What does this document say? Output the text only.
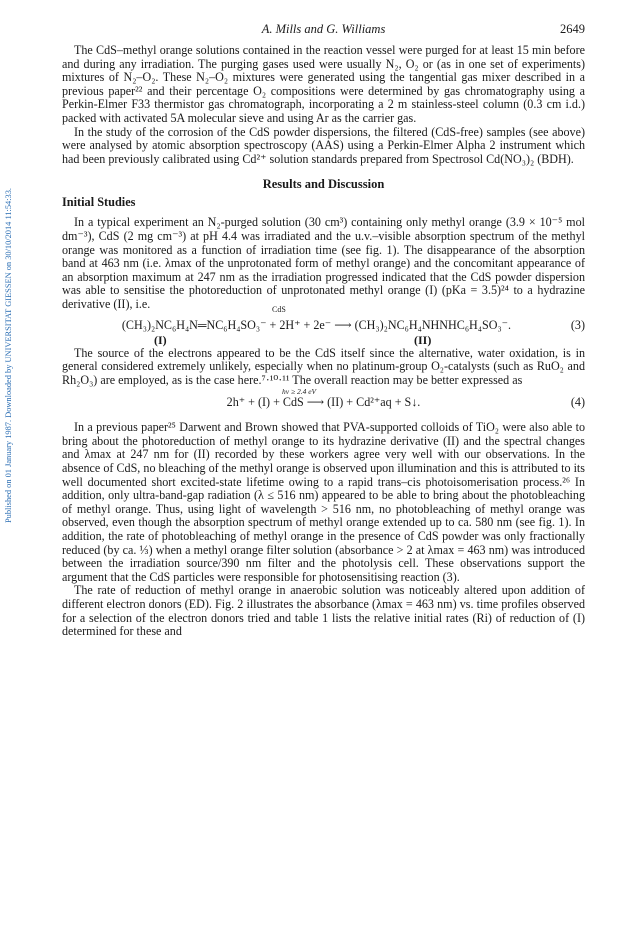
Published on 01 January 1987. Downloaded by UNIVERSITAT GIESSEN on 30/10/2014 11:54:33.
A. Mills and G. Williams	2649

The CdS–methyl orange solutions contained in the reaction vessel were purged for at least 15 min before and during any irradiation. The purging gases used were usually N₂, O₂ or (as in one set of experiments) mixtures of N₂–O₂. These N₂–O₂ mixtures were generated using the tangential gas mixer described in a previous paper²² and their percentage O₂ compositions were determined by gas chromatography using a Perkin-Elmer F33 thermistor gas chromatograph, incorporating a 2 m stainless-steel column (0.3 cm i.d.) packed with activated 5A molecular sieve and using Ar as the carrier gas.

In the study of the corrosion of the CdS powder dispersions, the filtered (CdS-free) samples (see above) were analysed by atomic absorption spectroscopy (AAS) using a Perkin-Elmer Alpha 2 instrument which had been previously calibrated using Cd²⁺ solution standards prepared from Spectrosol Cd(NO₃)₂ (BDH).

Results and Discussion
Initial Studies

In a typical experiment an N₂-purged solution (30 cm³) containing only methyl orange (3.9 × 10⁻⁵ mol dm⁻³), CdS (2 mg cm⁻³) at pH 4.4 was irradiated and the u.v.–visible absorption spectrum of the methyl orange was monitored as a function of irradiation time (see fig. 1). The disappearance of the absorption band at 463 nm (i.e. λmax of the unprotonated form of methyl orange) and the concomitant appearance of an absorption maximum at 247 nm as the irradiation progressed indicated that the CdS powder dispersion was able to sensitise the photoreduction of unprotonated methyl orange (I) (pKa = 3.5)²⁴ to a hydrazine derivative (II), i.e.

(CH₃)₂NC₆H₄N═NC₆H₄SO₃⁻ + 2H⁺ + 2e⁻ ⟶ (CH₃)₂NC₆H₄NHNHC₆H₄SO₃⁻.	(3)
(I)
CdS
(II)

The source of the electrons appeared to be the CdS itself since the alternative, water oxidation, is in general considered extremely unlikely, especially when no platinum-group O₂-catalysts (such as RuO₂ and Rh₂O₃) are employed, as is the case here.⁷·¹⁰·¹¹ The overall reaction may be better expressed as

hν ≥ 2.4 eV
2h⁺ + (I) + CdS ⟶ (II) + Cd²⁺aq + S↓.	(4)

In a previous paper²⁵ Darwent and Brown showed that PVA-supported colloids of TiO₂ were also able to bring about the photoreduction of methyl orange to its hydrazine derivative (II) and the spectral changes and λmax at 247 nm for (II) recorded by these workers agree very well with our observations. In the absence of CdS, no bleaching of the methyl orange is observed upon illumination and this is attributed to its well documented short excited-state lifetime owing to a rapid trans–cis photoisomerisation process.²⁶ In addition, only ultra-band-gap radiation (λ ≤ 516 nm) appeared to be able to bring about the photobleaching of methyl orange. Thus, using light of wavelength > 516 nm, no photobleaching of methyl orange was observed, even though the absorption spectrum of methyl orange extended up to ca. 580 nm (see fig. 1). In addition, the rate of photobleaching of methyl orange in the presence of CdS powder was only fractionally reduced (by ca. ⅓) when a methyl orange filter solution (absorbance > 2 at λmax = 463 nm) was introduced between the irradiation source/390 nm filter and the photolysis cell. These observations support the argument that the CdS particles were responsible for photosensitising reaction (3).

The rate of reduction of methyl orange in anaerobic solution was noticeably altered upon addition of different electron donors (ED). Fig. 2 illustrates the absorbance (λmax = 463 nm) vs. time profiles observed for a selection of the electron donors tried and table 1 lists the relative initial rates (Ri) of reduction of (I) determined for these and
